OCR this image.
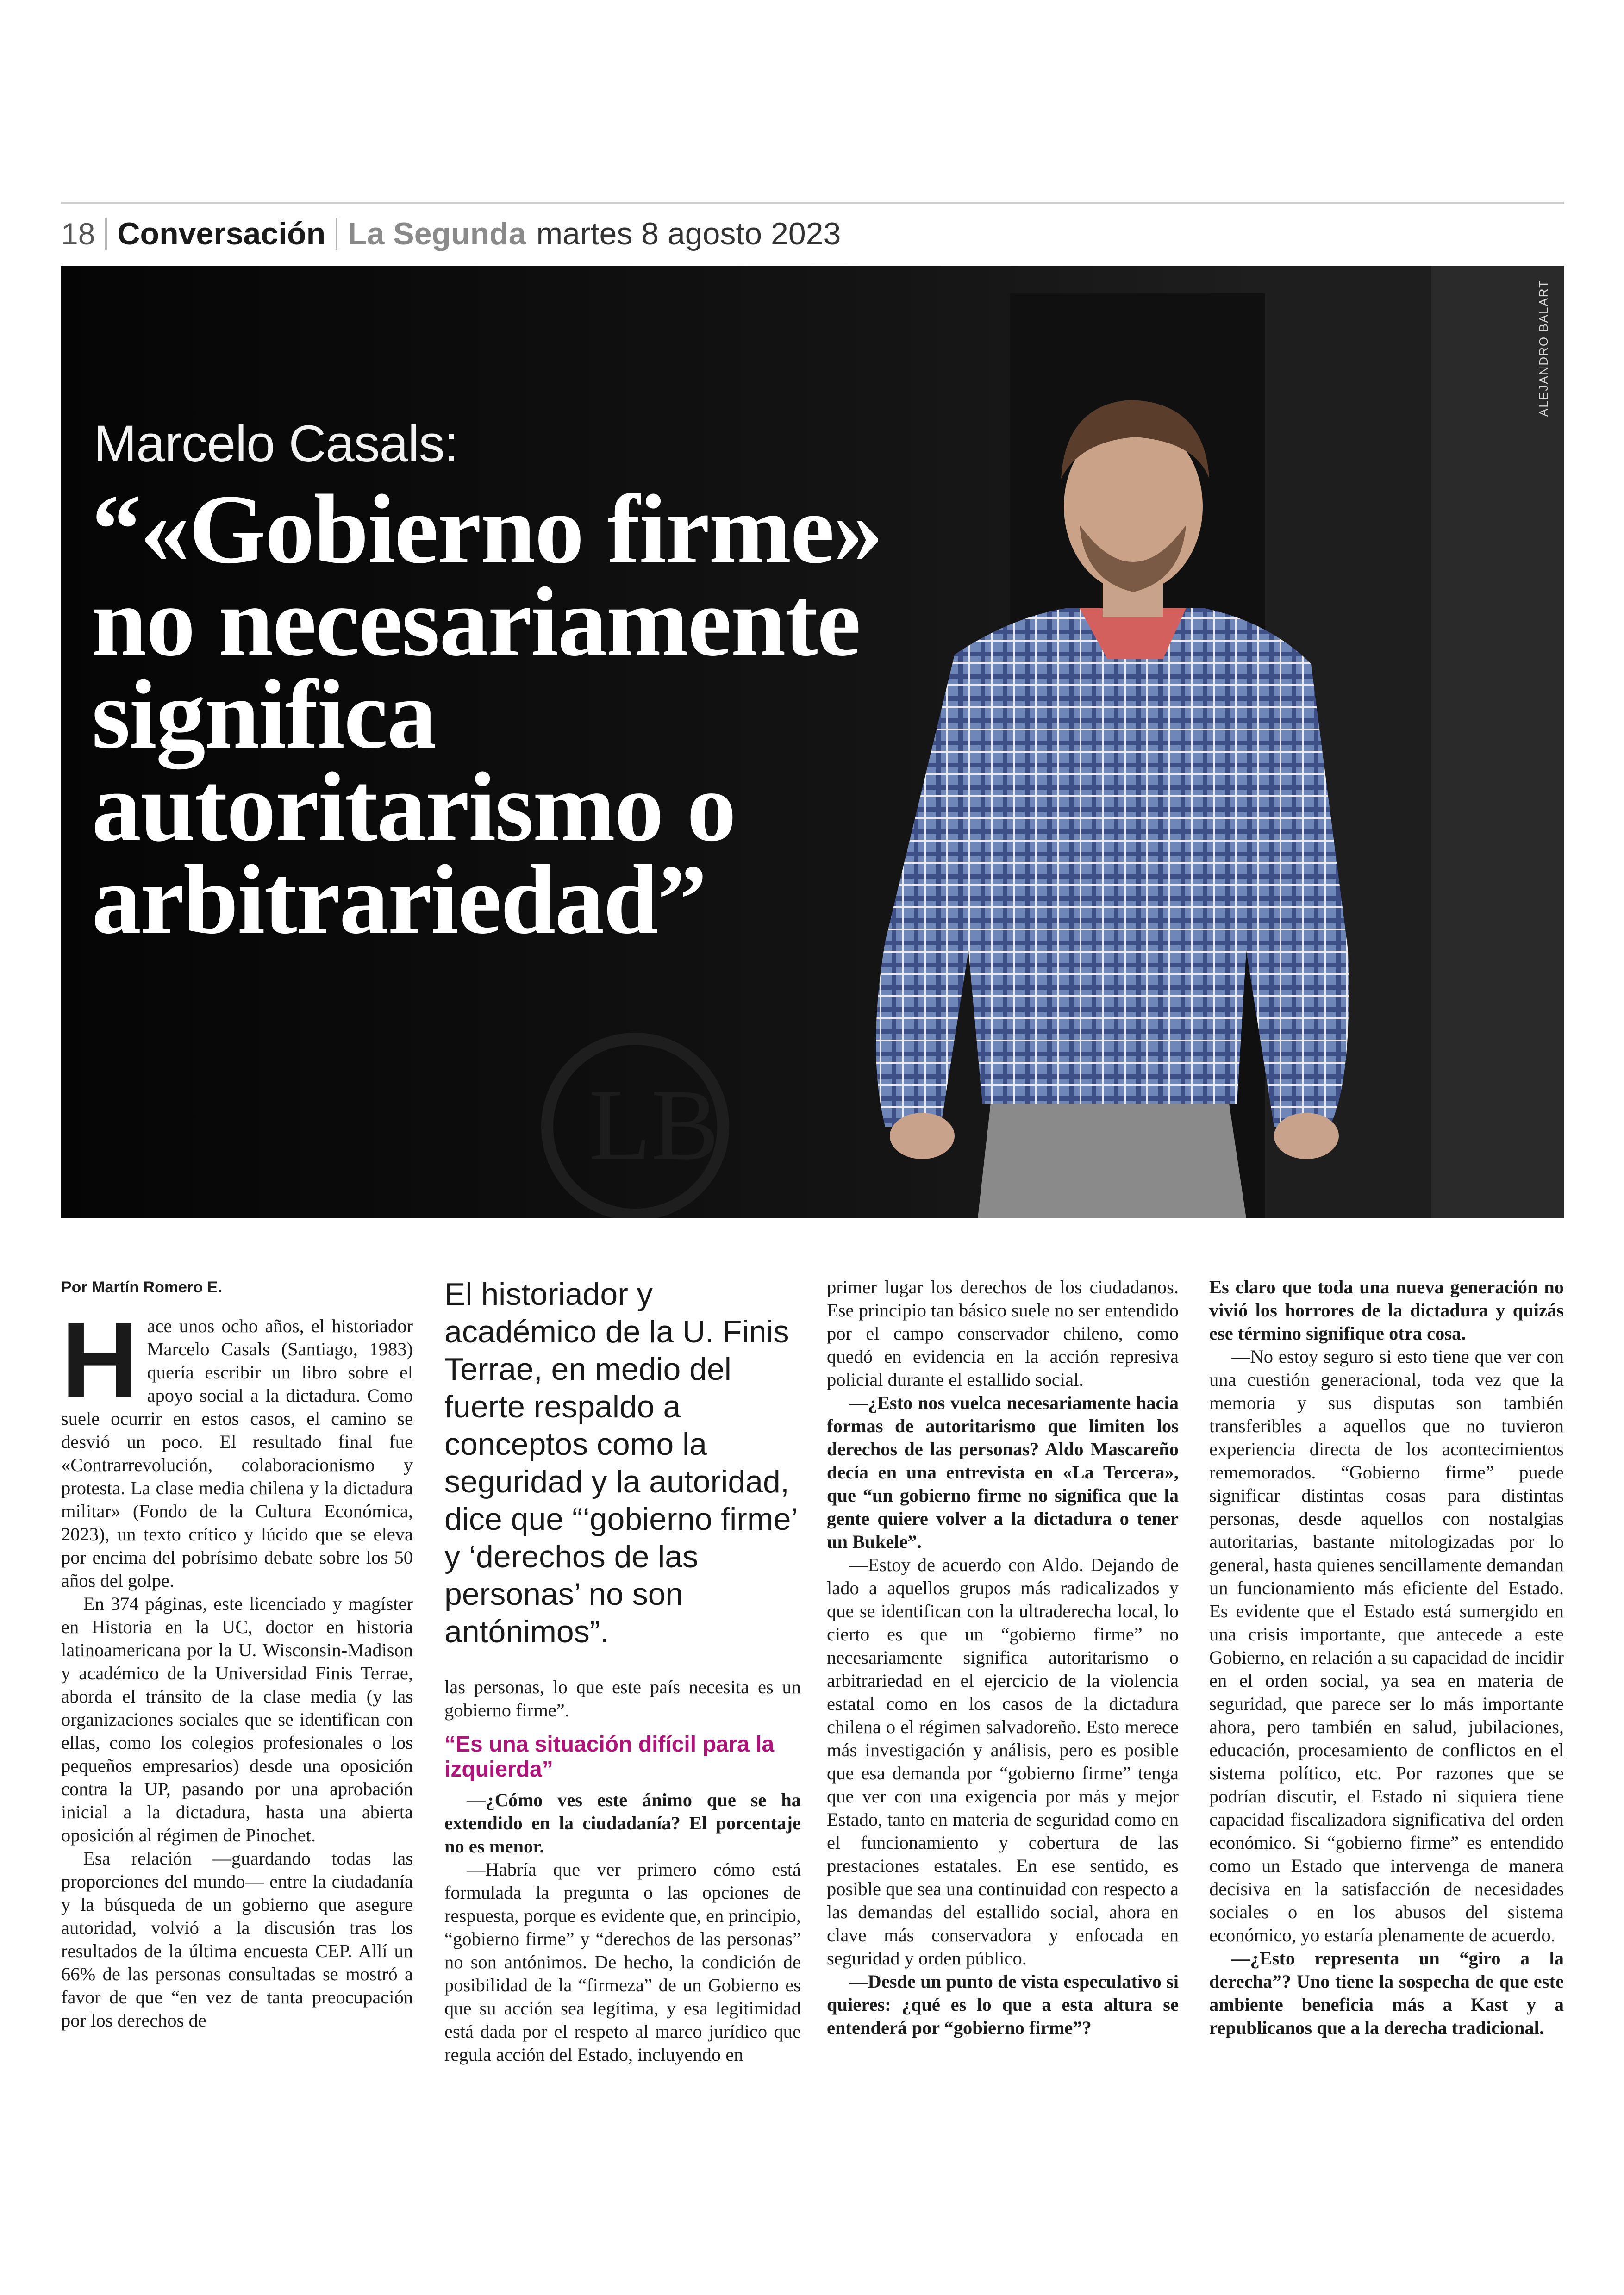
18 Conversación La Segunda martes 8 agosto 2023
LB
ALEJANDRO BALART
Marcelo Casals:
“«Gobierno firme» no necesariamente significa autoritarismo o arbitrariedad”
Por Martín Romero E.
H ace unos ocho años, el historiador Marcelo Casals (Santiago, 1983) quería escribir un libro sobre el apoyo social a la dictadura. Como suele ocurrir en estos casos, el camino se desvió un poco. El resultado final fue «Contrarrevolución, colaboracionismo y protesta. La clase media chilena y la dictadura militar» (Fondo de la Cultura Económica, 2023), un texto crítico y lúcido que se eleva por encima del pobrísimo debate sobre los 50 años del golpe.

En 374 páginas, este licenciado y magíster en Historia en la UC, doctor en historia latinoamericana por la U. Wisconsin-Madison y académico de la Universidad Finis Terrae, aborda el tránsito de la clase media (y las organizaciones sociales que se identifican con ellas, como los colegios profesionales o los pequeños empresarios) desde una oposición contra la UP, pasando por una aprobación inicial a la dictadura, hasta una abierta oposición al régimen de Pinochet.

Esa relación —guardando todas las proporciones del mundo— entre la ciudadanía y la búsqueda de un gobierno que asegure autoridad, volvió a la discusión tras los resultados de la última encuesta CEP. Allí un 66% de las personas consultadas se mostró a favor de que “en vez de tanta preocupación por los derechos de

El historiador y académico de la U. Finis Terrae, en medio del fuerte respaldo a conceptos como la seguridad y la autoridad, dice que “‘gobierno firme’ y ‘derechos de las personas’ no son antónimos”.

las personas, lo que este país necesita es un gobierno firme”.

“Es una situación difícil para la izquierda”

—¿Cómo ves este ánimo que se ha extendido en la ciudadanía? El porcentaje no es menor.

—Habría que ver primero cómo está formulada la pregunta o las opciones de respuesta, porque es evidente que, en principio, “gobierno firme” y “derechos de las personas” no son antónimos. De hecho, la condición de posibilidad de la “firmeza” de un Gobierno es que su acción sea legítima, y esa legitimidad está dada por el respeto al marco jurídico que regula acción del Estado, incluyendo en

primer lugar los derechos de los ciudadanos. Ese principio tan básico suele no ser entendido por el campo conservador chileno, como quedó en evidencia en la acción represiva policial durante el estallido social.

—¿Esto nos vuelca necesariamente hacia formas de autoritarismo que limiten los derechos de las personas? Aldo Mascareño decía en una entrevista en «La Tercera», que “un gobierno firme no significa que la gente quiere volver a la dictadura o tener un Bukele”.

—Estoy de acuerdo con Aldo. Dejando de lado a aquellos grupos más radicalizados y que se identifican con la ultraderecha local, lo cierto es que un “gobierno firme” no necesariamente significa autoritarismo o arbitrariedad en el ejercicio de la violencia estatal como en los casos de la dictadura chilena o el régimen salvadoreño. Esto merece más investigación y análisis, pero es posible que esa demanda por “gobierno firme” tenga que ver con una exigencia por más y mejor Estado, tanto en materia de seguridad como en el funcionamiento y cobertura de las prestaciones estatales. En ese sentido, es posible que sea una continuidad con respecto a las demandas del estallido social, ahora en clave más conservadora y enfocada en seguridad y orden público.

—Desde un punto de vista especulativo si quieres: ¿qué es lo que a esta altura se entenderá por “gobierno firme”?

Es claro que toda una nueva generación no vivió los horrores de la dictadura y quizás ese término signifique otra cosa.

—No estoy seguro si esto tiene que ver con una cuestión generacional, toda vez que la memoria y sus disputas son también transferibles a aquellos que no tuvieron experiencia directa de los acontecimientos rememorados. “Gobierno firme” puede significar distintas cosas para distintas personas, desde aquellos con nostalgias autoritarias, bastante mitologizadas por lo general, hasta quienes sencillamente demandan un funcionamiento más eficiente del Estado. Es evidente que el Estado está sumergido en una crisis importante, que antecede a este Gobierno, en relación a su capacidad de incidir en el orden social, ya sea en materia de seguridad, que parece ser lo más importante ahora, pero también en salud, jubilaciones, educación, procesamiento de conflictos en el sistema político, etc. Por razones que se podrían discutir, el Estado ni siquiera tiene capacidad fiscalizadora significativa del orden económico. Si “gobierno firme” es entendido como un Estado que intervenga de manera decisiva en la satisfacción de necesidades sociales o en los abusos del sistema económico, yo estaría plenamente de acuerdo.

—¿Esto representa un “giro a la derecha”? Uno tiene la sospecha de que este ambiente beneficia más a Kast y a republicanos que a la derecha tradicional.
